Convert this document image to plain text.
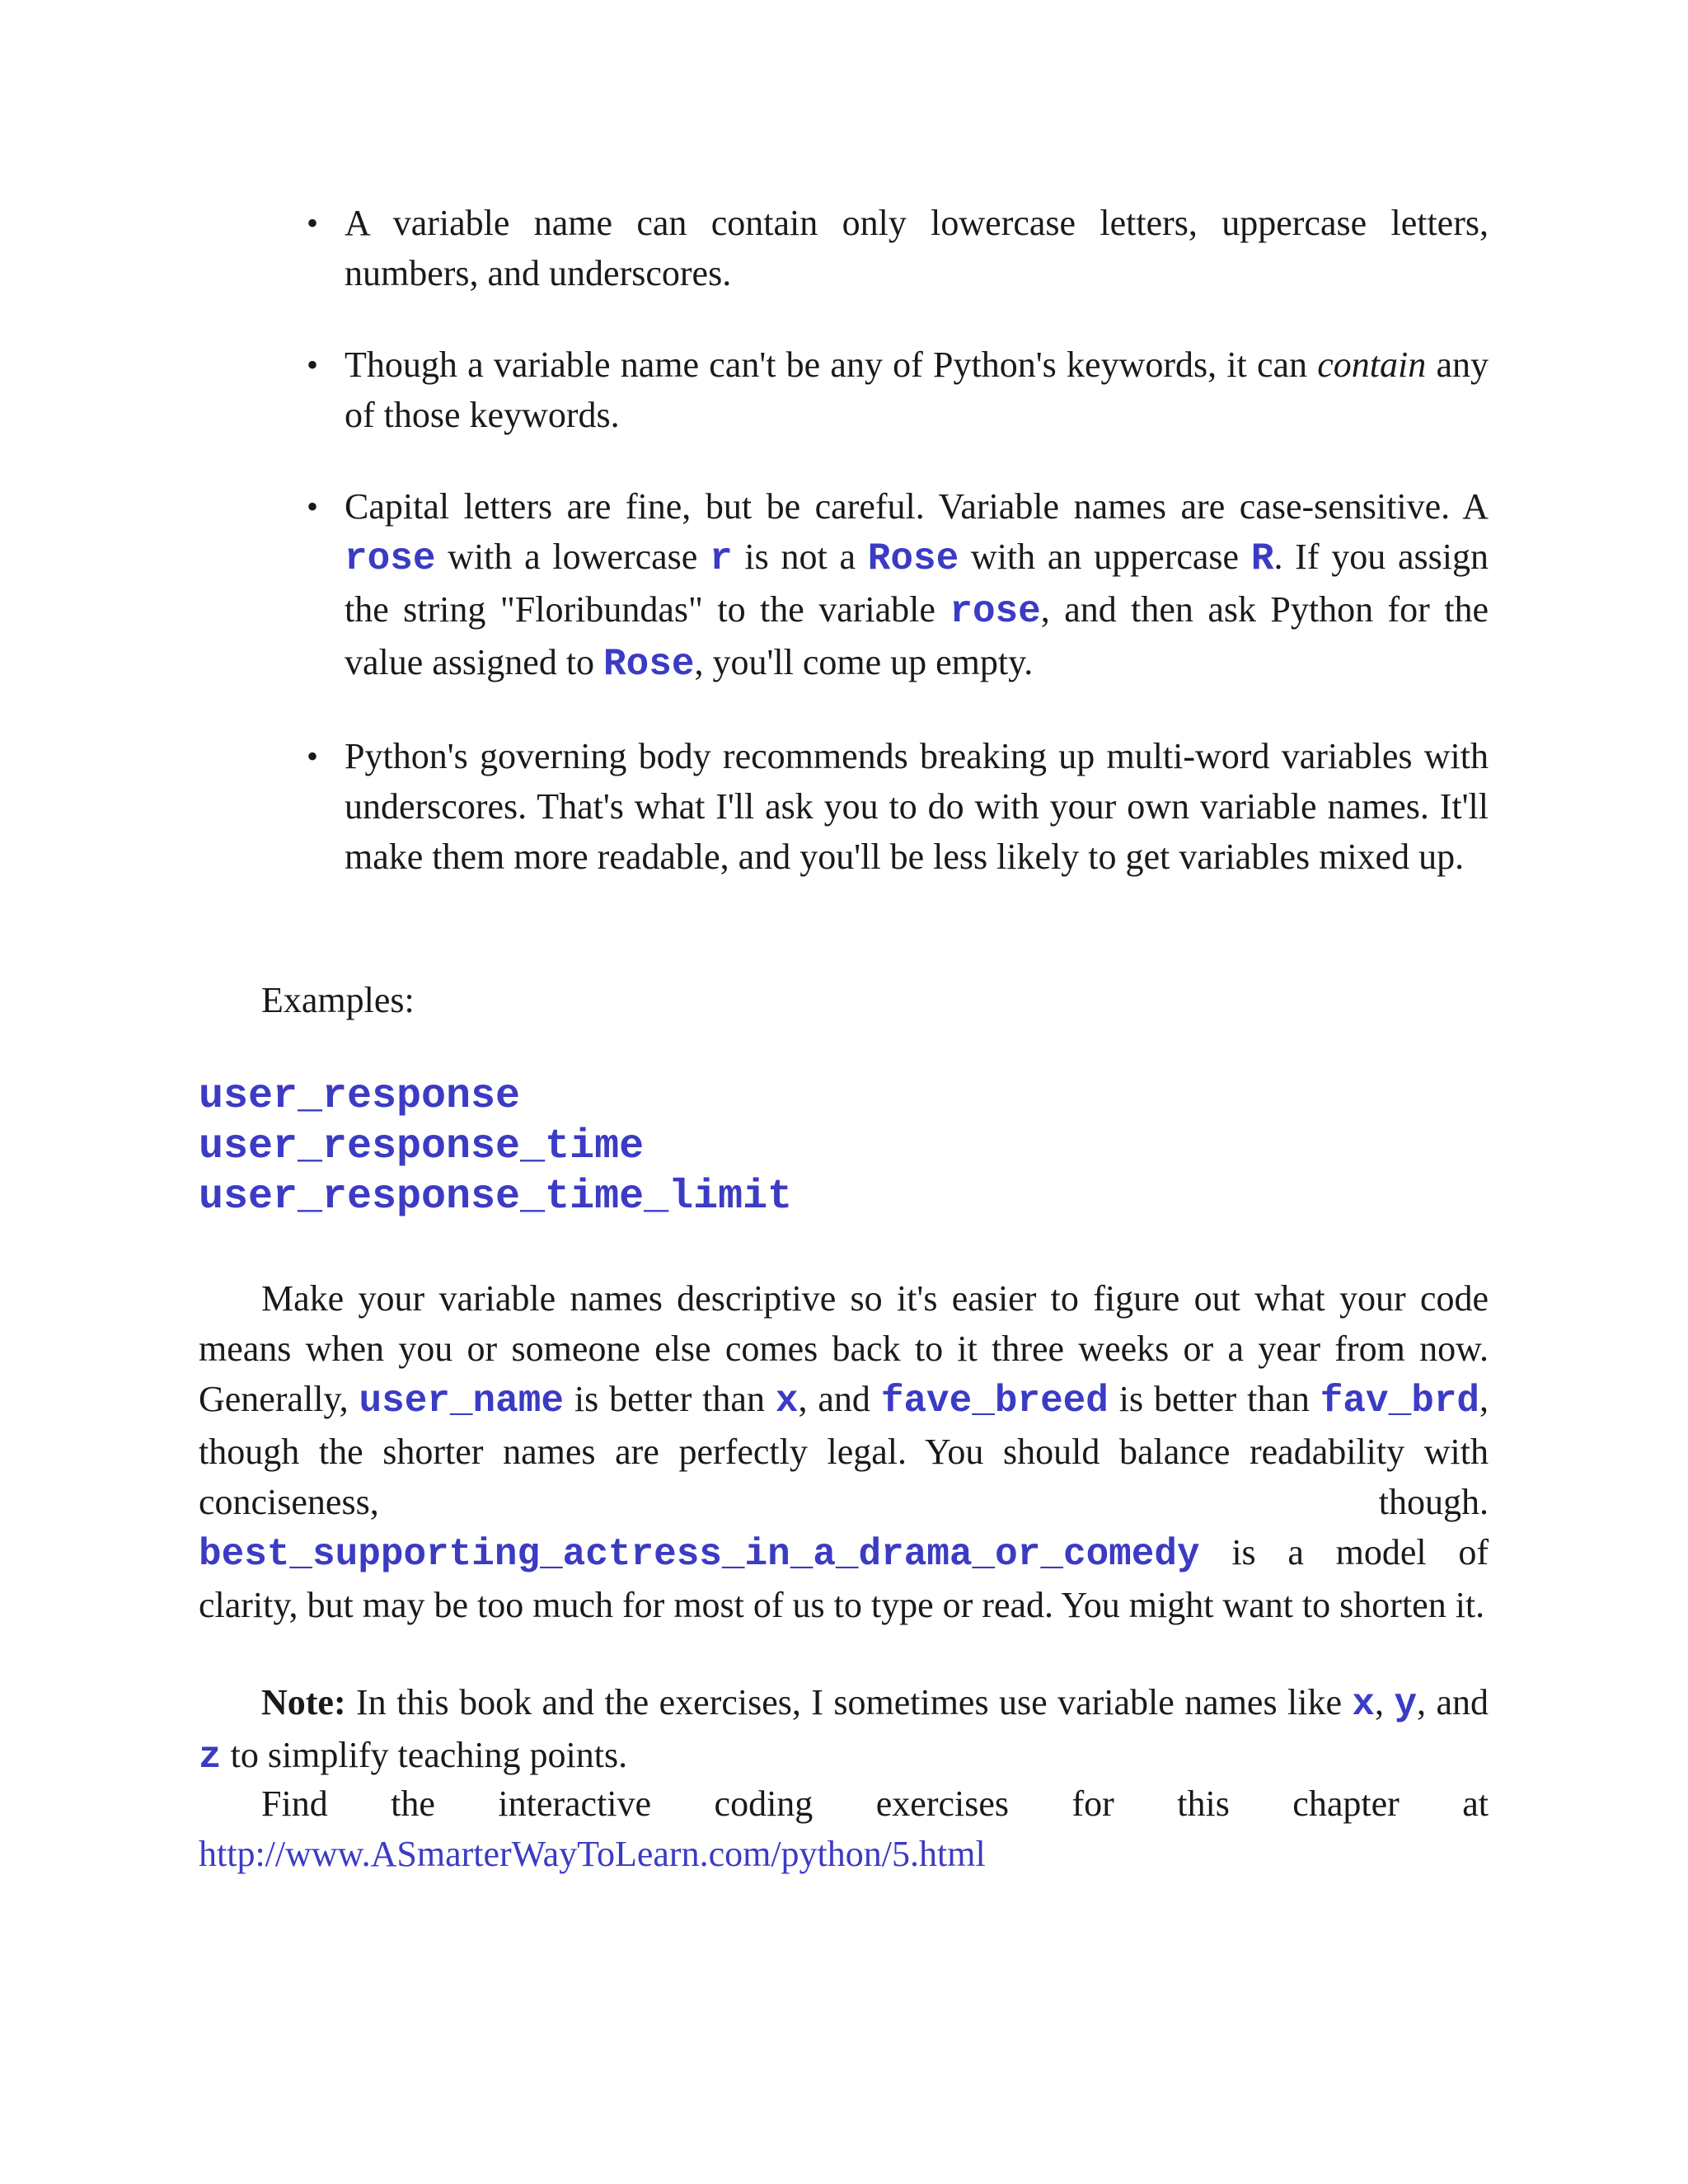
• A variable name can contain only lowercase letters, uppercase letters, numbers, and underscores.
• Though a variable name can't be any of Python's keywords, it can contain any of those keywords.
• Capital letters are fine, but be careful. Variable names are case-sensitive. A rose with a lowercase r is not a Rose with an uppercase R. If you assign the string "Floribundas" to the variable rose, and then ask Python for the value assigned to Rose, you'll come up empty.
• Python's governing body recommends breaking up multi-word variables with underscores. That's what I'll ask you to do with your own variable names. It'll make them more readable, and you'll be less likely to get variables mixed up.
Examples:
user_response
user_response_time
user_response_time_limit

Make your variable names descriptive so it's easier to figure out what your code means when you or someone else comes back to it three weeks or a year from now. Generally, user_name is better than x, and fave_breed is better than fav_brd, though the shorter names are perfectly legal. You should balance readability with conciseness, though. best_supporting_actress_in_a_drama_or_comedy is a model of clarity, but may be too much for most of us to type or read. You might want to shorten it.

Note: In this book and the exercises, I sometimes use variable names like x, y, and z to simplify teaching points.

Find the interactive coding exercises for this chapter at
http://www.ASmarterWayToLearn.com/python/5.html
